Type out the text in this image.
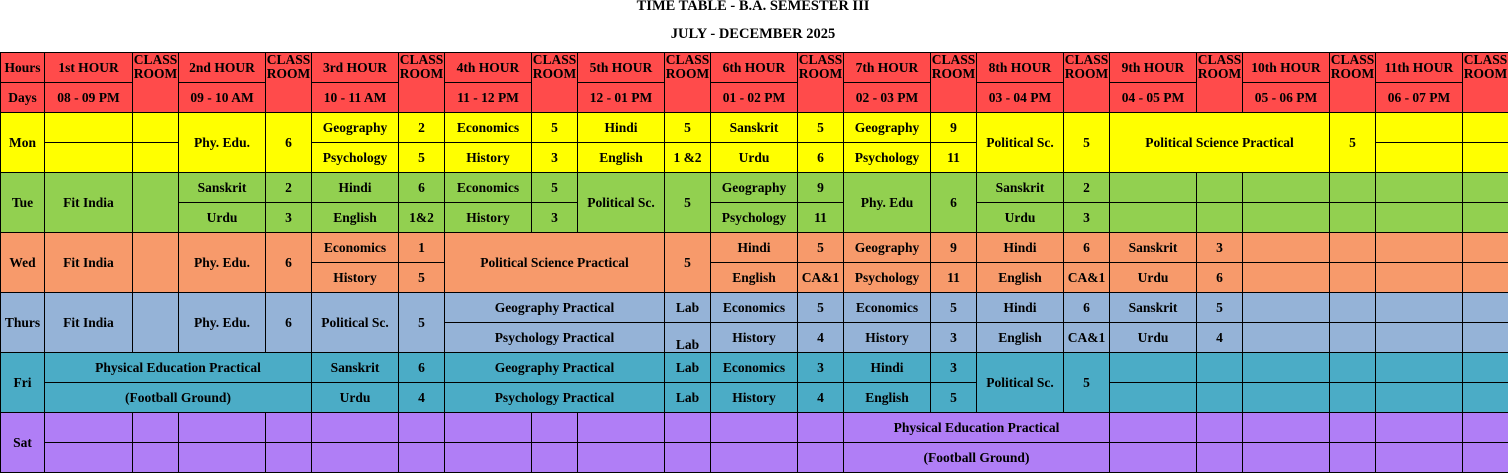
TIME TABLE - B.A. SEMESTER III
JULY - DECEMBER 2025
Hours	1st HOUR	CLASS ROOM	2nd HOUR	CLASS ROOM	3rd HOUR	CLASS ROOM	4th HOUR	CLASS ROOM	5th HOUR	CLASS ROOM	6th HOUR	CLASS ROOM	7th HOUR	CLASS ROOM	8th HOUR	CLASS ROOM	9th HOUR	CLASS ROOM	10th HOUR	CLASS ROOM	11th HOUR	CLASS ROOM
Days	08 - 09 PM		09 - 10 AM		10 - 11 AM		11 - 12 PM		12 - 01 PM		01 - 02 PM		02 - 03 PM		03 - 04 PM		04 - 05 PM		05 - 06 PM		06 - 07 PM	
Mon			Phy. Edu.	6	Geography	2	Economics	5	Hindi	5	Sanskrit	5	Geography	9	Political Sc.	5	Political Science Practical			5		
					Psychology	5	History	3	English	1 &2	Urdu	6	Psychology	11								
Tue	Fit India		Sanskrit	2	Hindi	6	Economics	5	Political Sc.	5	Geography	9	Phy. Edu	6	Sanskrit	2						
			Urdu	3	English	1&2	History	3			Psychology	11			Urdu	3						
Wed	Fit India		Phy. Edu.	6	Economics	1	Political Science Practical			5	Hindi	5	Geography	9	Hindi	6	Sanskrit	3				
					History	5					English	CA&1	Psychology	11	English	CA&1	Urdu	6				
Thurs	Fit India		Phy. Edu.	6	Political Sc.	5	Geography Practical			Lab	Economics	5	Economics	5	Hindi	6	Sanskrit	5				
							Psychology Practical			Lab	History	4	History	3	English	CA&1	Urdu	4				
Fri	Physical Education Practical				Sanskrit	6	Geography Practical			Lab	Economics	3	Hindi	3	Political Sc.	5						
	(Football Ground)				Urdu	4	Psychology Practical			Lab	History	4	English	5								
Sat													Physical Education Practical									
													(Football Ground)									
